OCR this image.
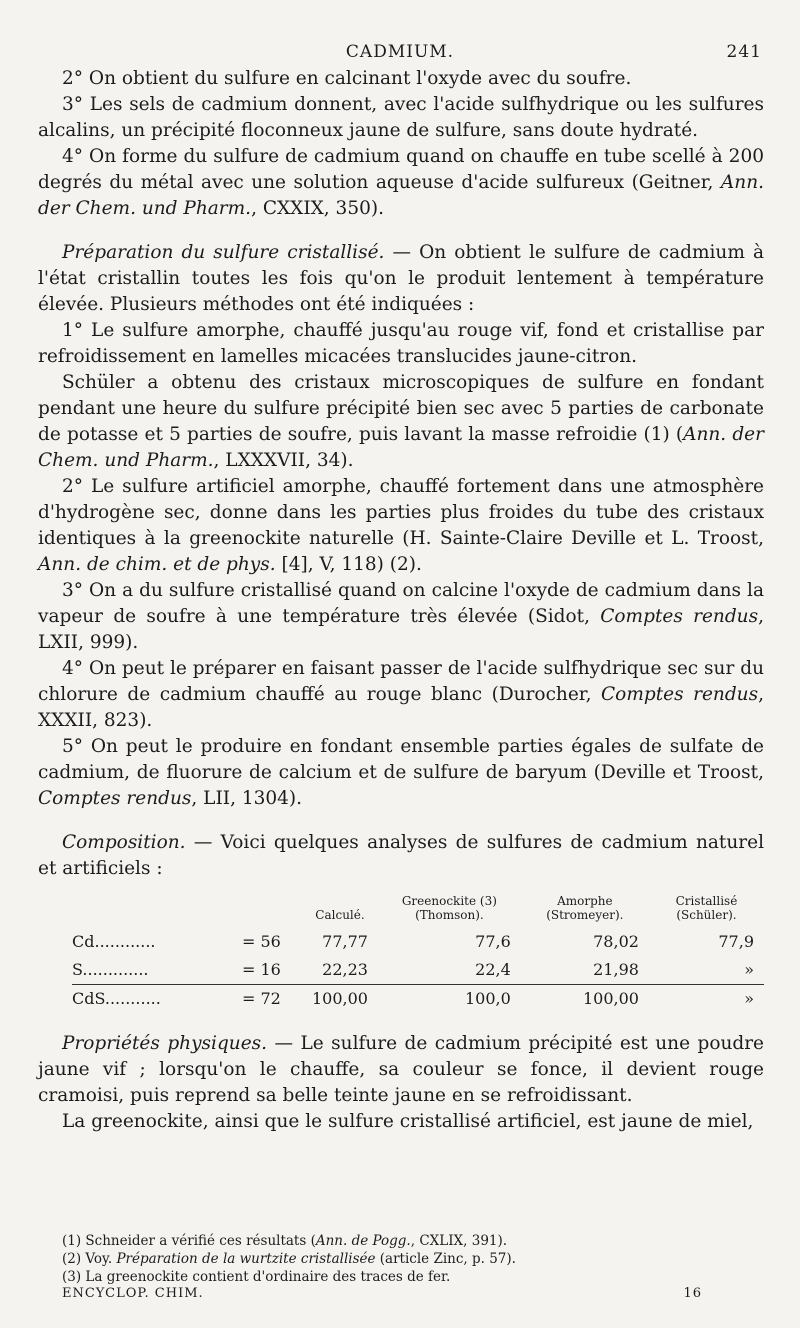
CADMIUM.	241

2° On obtient du sulfure en calcinant l'oxyde avec du soufre.

3° Les sels de cadmium donnent, avec l'acide sulfhydrique ou les sulfures alcalins, un précipité floconneux jaune de sulfure, sans doute hydraté.

4° On forme du sulfure de cadmium quand on chauffe en tube scellé à 200 degrés du métal avec une solution aqueuse d'acide sulfureux (Geitner, Ann. der Chem. und Pharm., CXXIX, 350).

Préparation du sulfure cristallisé. — On obtient le sulfure de cadmium à l'état cristallin toutes les fois qu'on le produit lentement à température élevée. Plusieurs méthodes ont été indiquées :

1° Le sulfure amorphe, chauffé jusqu'au rouge vif, fond et cristallise par refroidissement en lamelles micacées translucides jaune-citron.

Schüler a obtenu des cristaux microscopiques de sulfure en fondant pendant une heure du sulfure précipité bien sec avec 5 parties de carbonate de potasse et 5 parties de soufre, puis lavant la masse refroidie (1) (Ann. der Chem. und Pharm., LXXXVII, 34).

2° Le sulfure artificiel amorphe, chauffé fortement dans une atmosphère d'hydrogène sec, donne dans les parties plus froides du tube des cristaux identiques à la greenockite naturelle (H. Sainte-Claire Deville et L. Troost, Ann. de chim. et de phys. [4], V, 118) (2).

3° On a du sulfure cristallisé quand on calcine l'oxyde de cadmium dans la vapeur de soufre à une température très élevée (Sidot, Comptes rendus, LXII, 999).

4° On peut le préparer en faisant passer de l'acide sulfhydrique sec sur du chlorure de cadmium chauffé au rouge blanc (Durocher, Comptes rendus, XXXII, 823).

5° On peut le produire en fondant ensemble parties égales de sulfate de cadmium, de fluorure de calcium et de sulfure de baryum (Deville et Troost, Comptes rendus, LII, 1304).

Composition. — Voici quelques analyses de sulfures de cadmium naturel et artificiels :

		Calculé.	Greenockite (3) (Thomson).	Amorphe (Stromeyer).	Cristallisé (Schüler).
Cd............	= 56	77,77	77,6	78,02	77,9
S.............	= 16	22,23	22,4	21,98	»
CdS...........	= 72	100,00	100,0	100,00	»

Propriétés physiques. — Le sulfure de cadmium précipité est une poudre jaune vif ; lorsqu'on le chauffe, sa couleur se fonce, il devient rouge cramoisi, puis reprend sa belle teinte jaune en se refroidissant.

La greenockite, ainsi que le sulfure cristallisé artificiel, est jaune de miel,

(1) Schneider a vérifié ces résultats (Ann. de Pogg., CXLIX, 391).
(2) Voy. Préparation de la wurtzite cristallisée (article Zinc, p. 57).
(3) La greenockite contient d'ordinaire des traces de fer.
ENCYCLOP. CHIM.	16
